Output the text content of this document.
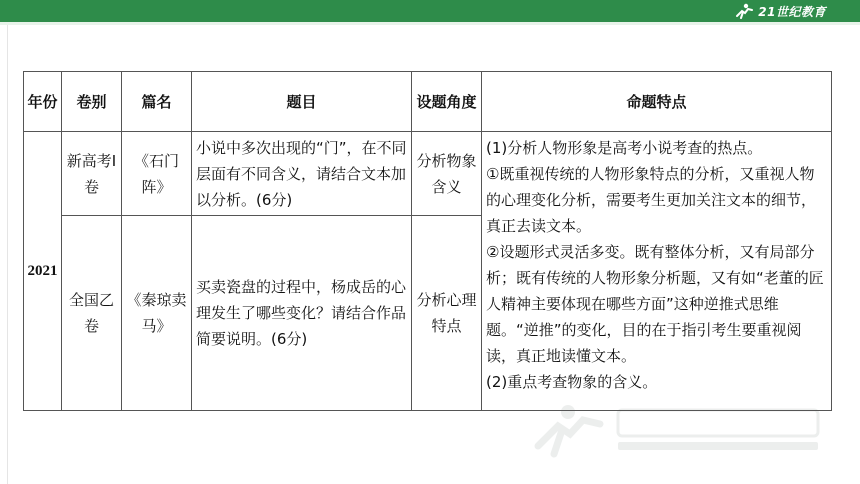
21世纪教育
年份	卷别	篇名	题目	设题角度	命题特点
2021	新高考Ⅰ卷	《石门阵》	小说中多次出现的“门”，在不同层面有不同含义，请结合文本加以分析。(6分)	分析物象含义	(1)分析人物形象是高考小说考查的热点。
①既重视传统的人物形象特点的分析，又重视人物的心理变化分析，需要考生更加关注文本的细节，真正去读文本。
②设题形式灵活多变。既有整体分析，又有局部分析；既有传统的人物形象分析题，又有如“老董的匠人精神主要体现在哪些方面”这种逆推式思维题。“逆推”的变化，目的在于指引考生要重视阅读，真正地读懂文本。
(2)重点考查物象的含义。

	全国乙卷	《秦琼卖马》	买卖瓷盘的过程中，杨成岳的心理发生了哪些变化？请结合作品简要说明。(6分)	分析心理特点	
